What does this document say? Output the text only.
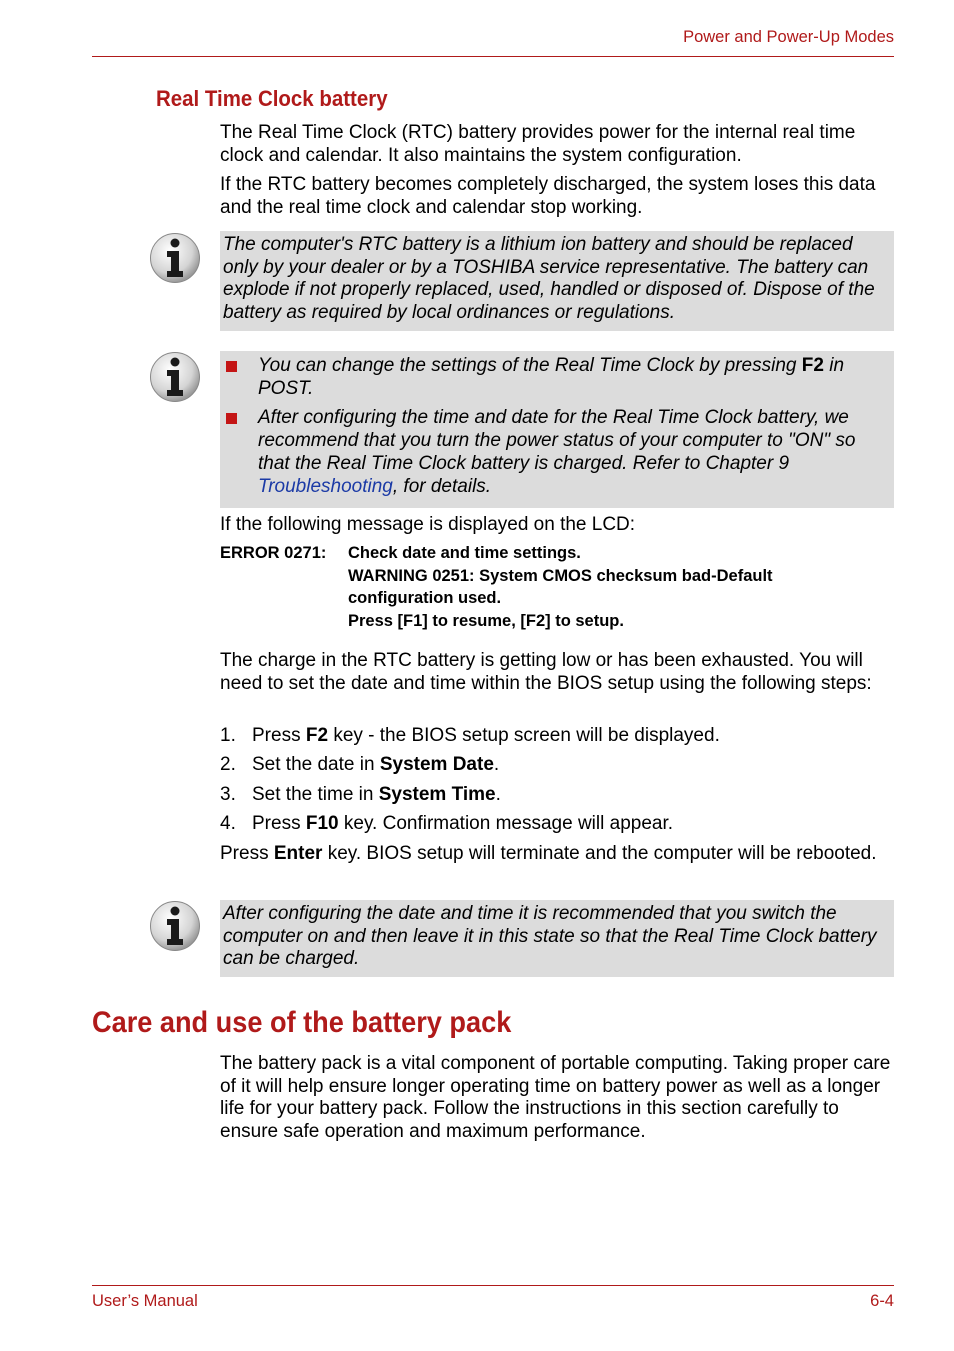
Power and Power-Up Modes
Real Time Clock battery

The Real Time Clock (RTC) battery provides power for the internal real time clock and calendar. It also maintains the system configuration.

If the RTC battery becomes completely discharged, the system loses this data and the real time clock and calendar stop working.

The computer's RTC battery is a lithium ion battery and should be replaced only by your dealer or by a TOSHIBA service representative. The battery can explode if not properly replaced, used, handled or disposed of. Dispose of the battery as required by local ordinances or regulations.
You can change the settings of the Real Time Clock by pressing F2 in POST.
After configuring the time and date for the Real Time Clock battery, we recommend that you turn the power status of your computer to "ON" so that the Real Time Clock battery is charged. Refer to Chapter 9 Troubleshooting, for details.

If the following message is displayed on the LCD:

ERROR 0271: Check date and time settings.
WARNING 0251: System CMOS checksum bad-Default
configuration used.
Press [F1] to resume, [F2] to setup.

The charge in the RTC battery is getting low or has been exhausted. You will need to set the date and time within the BIOS setup using the following steps:

1. Press F2 key - the BIOS setup screen will be displayed.
2. Set the date in System Date.
3. Set the time in System Time.
4. Press F10 key. Confirmation message will appear.

Press Enter key. BIOS setup will terminate and the computer will be rebooted.

After configuring the date and time it is recommended that you switch the computer on and then leave it in this state so that the Real Time Clock battery can be charged.
Care and use of the battery pack

The battery pack is a vital component of portable computing. Taking proper care of it will help ensure longer operating time on battery power as well as a longer life for your battery pack. Follow the instructions in this section carefully to ensure safe operation and maximum performance.

User’s Manual	6-4
